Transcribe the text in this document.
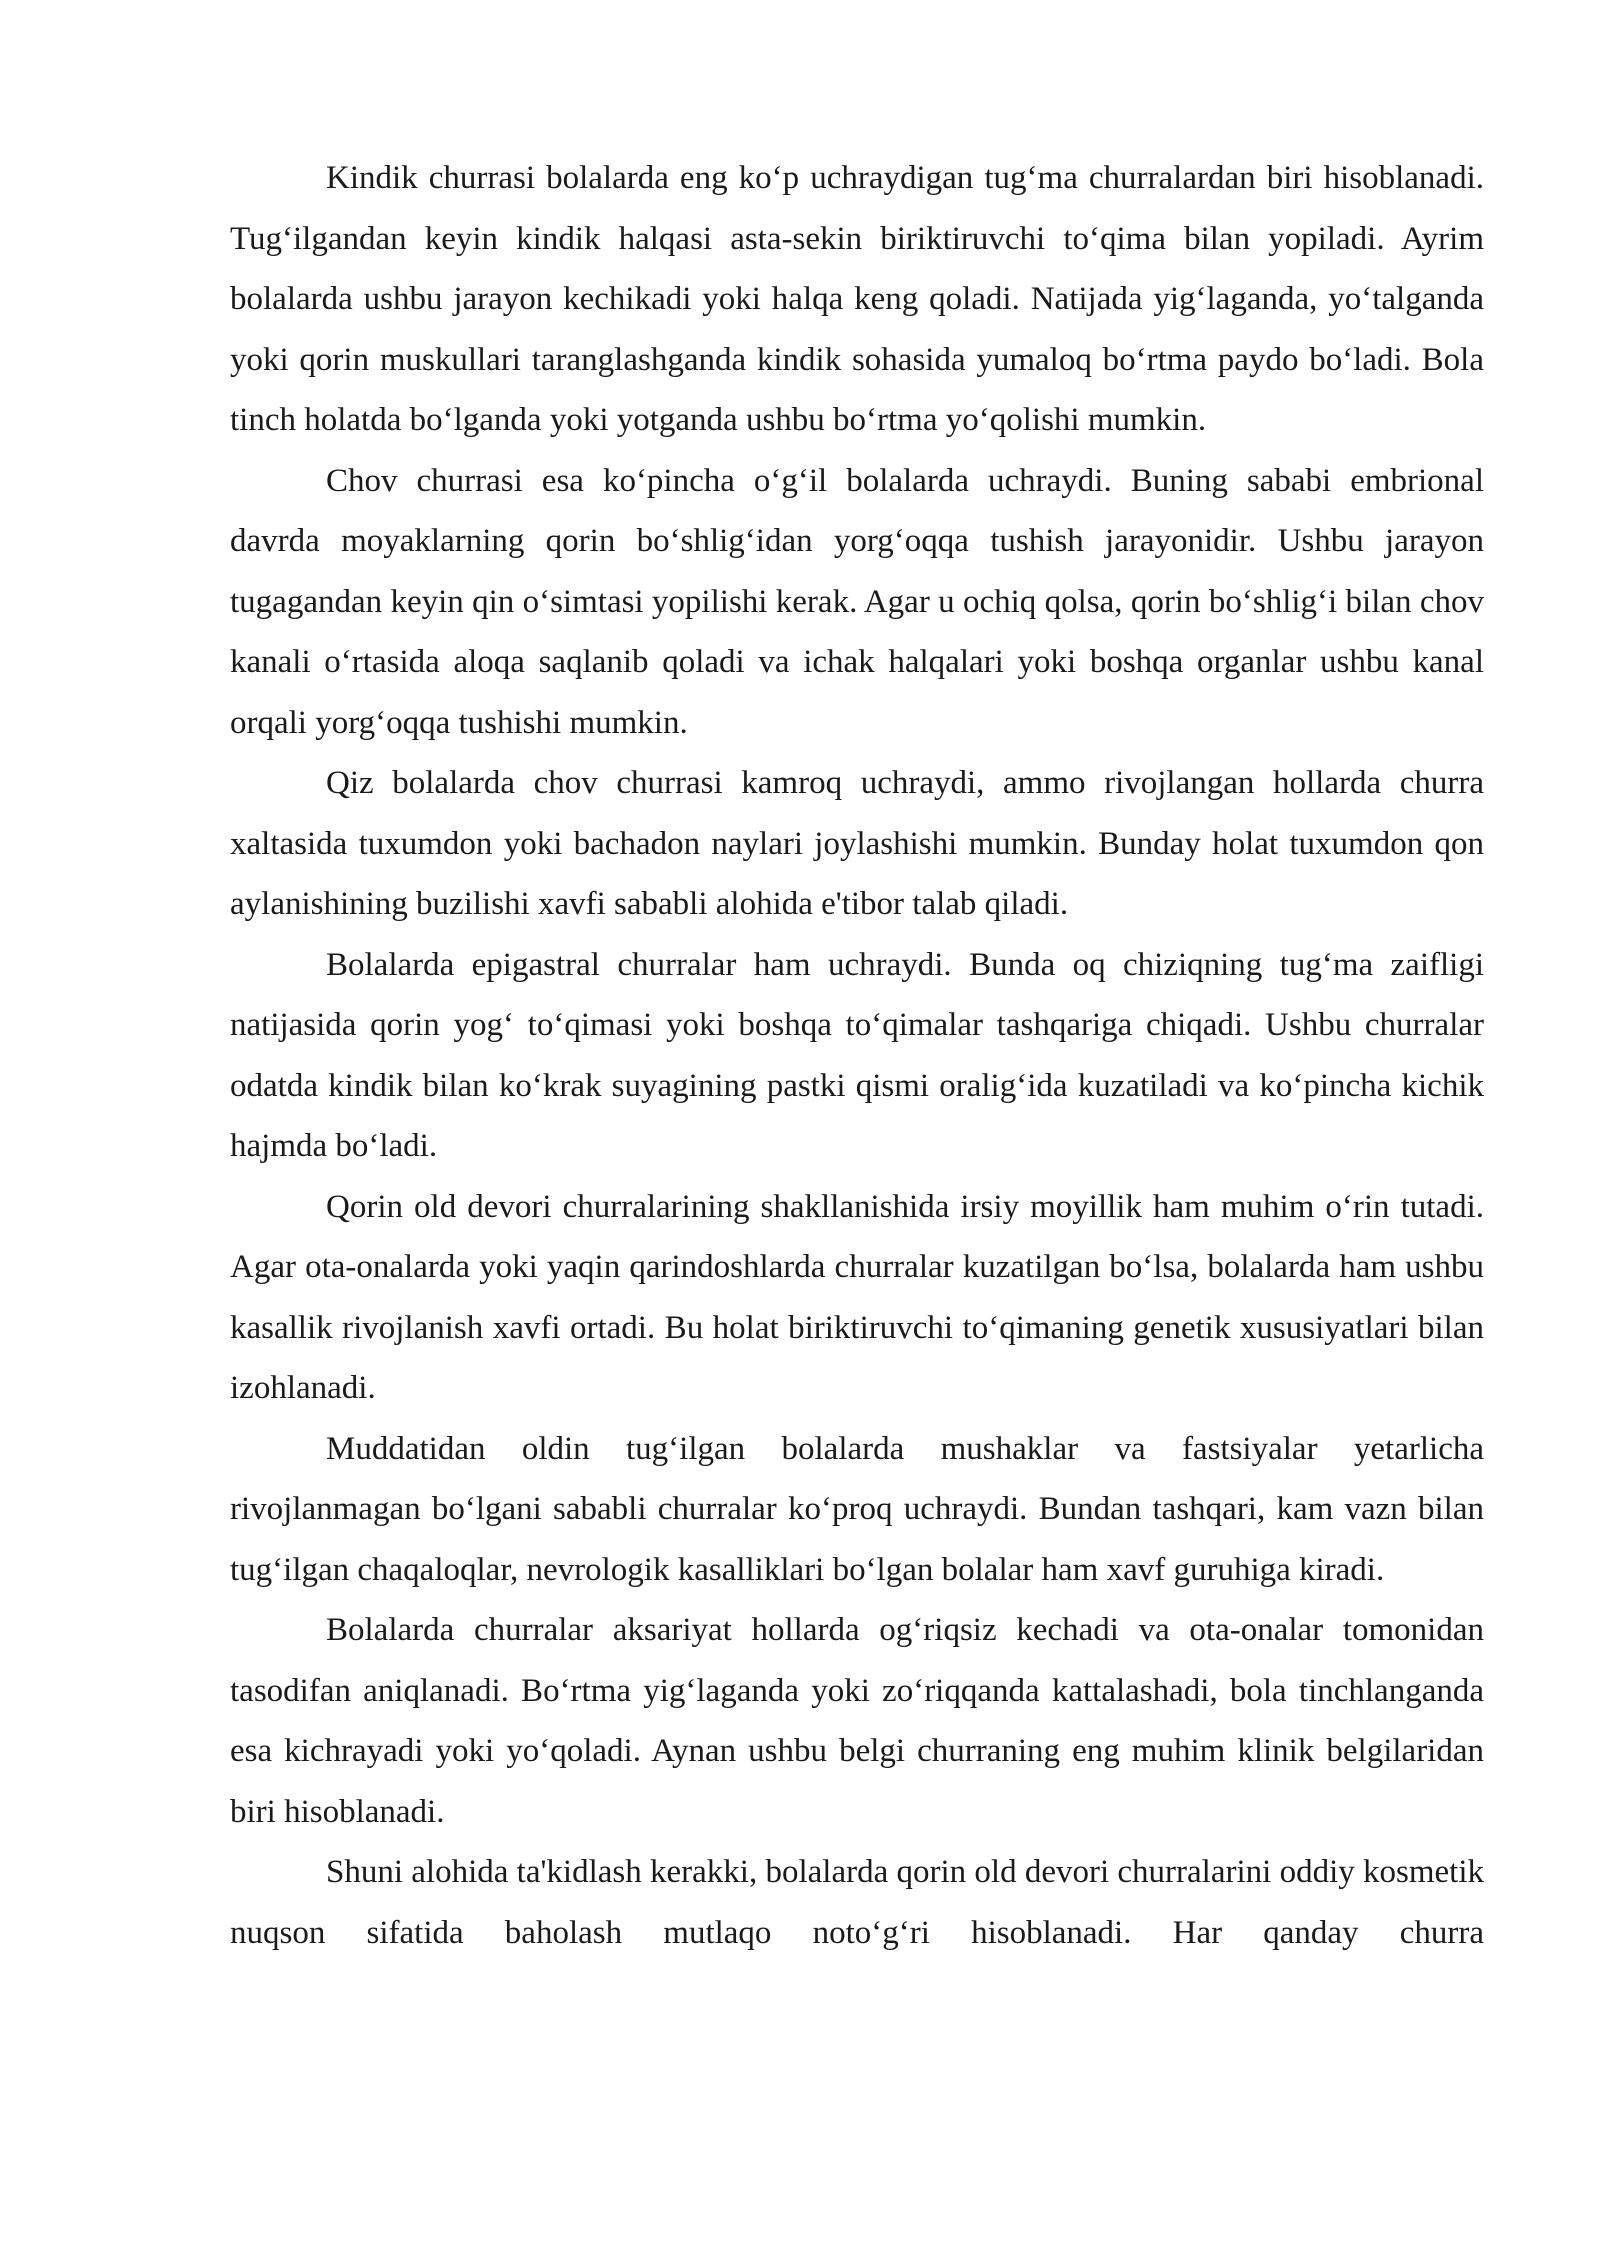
Kindik churrasi bolalarda eng ko‘p uchraydigan tug‘ma churralardan biri hisoblanadi. Tug‘ilgandan keyin kindik halqasi asta-sekin biriktiruvchi to‘qima bilan yopiladi. Ayrim bolalarda ushbu jarayon kechikadi yoki halqa keng qoladi. Natijada yig‘laganda, yo‘talganda yoki qorin muskullari taranglashganda kindik sohasida yumaloq bo‘rtma paydo bo‘ladi. Bola tinch holatda bo‘lganda yoki yotganda ushbu bo‘rtma yo‘qolishi mumkin.

Chov churrasi esa ko‘pincha o‘g‘il bolalarda uchraydi. Buning sababi embrional davrda moyaklarning qorin bo‘shlig‘idan yorg‘oqqa tushish jarayonidir. Ushbu jarayon tugagandan keyin qin o‘simtasi yopilishi kerak. Agar u ochiq qolsa, qorin bo‘shlig‘i bilan chov kanali o‘rtasida aloqa saqlanib qoladi va ichak halqalari yoki boshqa organlar ushbu kanal orqali yorg‘oqqa tushishi mumkin.

Qiz bolalarda chov churrasi kamroq uchraydi, ammo rivojlangan hollarda churra xaltasida tuxumdon yoki bachadon naylari joylashishi mumkin. Bunday holat tuxumdon qon aylanishining buzilishi xavfi sababli alohida e'tibor talab qiladi.

Bolalarda epigastral churralar ham uchraydi. Bunda oq chiziqning tug‘ma zaifligi natijasida qorin yog‘ to‘qimasi yoki boshqa to‘qimalar tashqariga chiqadi. Ushbu churralar odatda kindik bilan ko‘krak suyagining pastki qismi oralig‘ida kuzatiladi va ko‘pincha kichik hajmda bo‘ladi.

Qorin old devori churralarining shakllanishida irsiy moyillik ham muhim o‘rin tutadi. Agar ota-onalarda yoki yaqin qarindoshlarda churralar kuzatilgan bo‘lsa, bolalarda ham ushbu kasallik rivojlanish xavfi ortadi. Bu holat biriktiruvchi to‘qimaning genetik xususiyatlari bilan izohlanadi.

Muddatidan oldin tug‘ilgan bolalarda mushaklar va fastsiyalar yetarlicha rivojlanmagan bo‘lgani sababli churralar ko‘proq uchraydi. Bundan tashqari, kam vazn bilan tug‘ilgan chaqaloqlar, nevrologik kasalliklari bo‘lgan bolalar ham xavf guruhiga kiradi.

Bolalarda churralar aksariyat hollarda og‘riqsiz kechadi va ota-onalar tomonidan tasodifan aniqlanadi. Bo‘rtma yig‘laganda yoki zo‘riqqanda kattalashadi, bola tinchlanganda esa kichrayadi yoki yo‘qoladi. Aynan ushbu belgi churraning eng muhim klinik belgilaridan biri hisoblanadi.

Shuni alohida ta'kidlash kerakki, bolalarda qorin old devori churralarini oddiy kosmetik nuqson sifatida baholash mutlaqo noto‘g‘ri hisoblanadi. Har qanday churra
